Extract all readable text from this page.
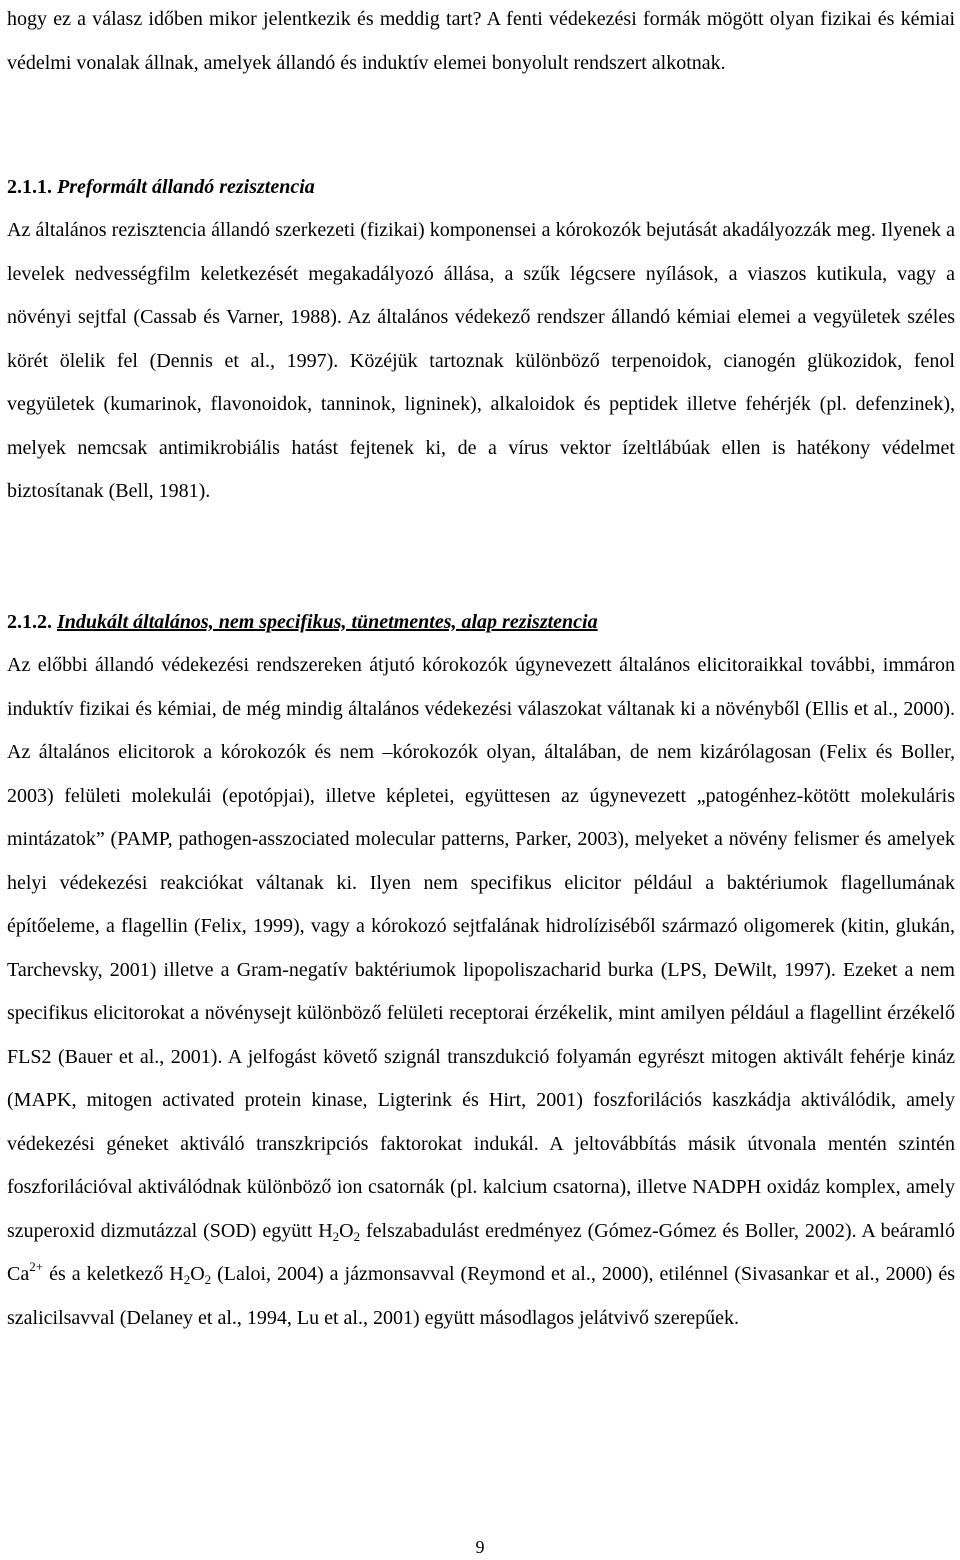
hogy ez a válasz időben mikor jelentkezik és meddig tart? A fenti védekezési formák mögött olyan fizikai és kémiai védelmi vonalak állnak, amelyek állandó és induktív elemei bonyolult rendszert alkotnak.

2.1.1. Preformált állandó rezisztencia

Az általános rezisztencia állandó szerkezeti (fizikai) komponensei a kórokozók bejutását akadályozzák meg. Ilyenek a levelek nedvességfilm keletkezését megakadályozó állása, a szűk légcsere nyílások, a viaszos kutikula, vagy a növényi sejtfal (Cassab és Varner, 1988). Az általános védekező rendszer állandó kémiai elemei a vegyületek széles körét ölelik fel (Dennis et al., 1997). Közéjük tartoznak különböző terpenoidok, cianogén glükozidok, fenol vegyületek (kumarinok, flavonoidok, tanninok, ligninek), alkaloidok és peptidek illetve fehérjék (pl. defenzinek), melyek nemcsak antimikrobiális hatást fejtenek ki, de a vírus vektor ízeltlábúak ellen is hatékony védelmet biztosítanak (Bell, 1981).

2.1.2. Indukált általános, nem specifikus, tünetmentes, alap rezisztencia

Az előbbi állandó védekezési rendszereken átjutó kórokozók úgynevezett általános elicitoraikkal további, immáron induktív fizikai és kémiai, de még mindig általános védekezési válaszokat váltanak ki a növényből (Ellis et al., 2000). Az általános elicitorok a kórokozók és nem –kórokozók olyan, általában, de nem kizárólagosan (Felix és Boller, 2003) felületi molekulái (epotópjai), illetve képletei, együttesen az úgynevezett „patogénhez-kötött molekuláris mintázatok” (PAMP, pathogen-asszociated molecular patterns, Parker, 2003), melyeket a növény felismer és amelyek helyi védekezési reakciókat váltanak ki. Ilyen nem specifikus elicitor például a baktériumok flagellumának építőeleme, a flagellin (Felix, 1999), vagy a kórokozó sejtfalának hidrolíziséből származó oligomerek (kitin, glukán, Tarchevsky, 2001) illetve a Gram-negatív baktériumok lipopoliszacharid burka (LPS, DeWilt, 1997). Ezeket a nem specifikus elicitorokat a növénysejt különböző felületi receptorai érzékelik, mint amilyen például a flagellint érzékelő FLS2 (Bauer et al., 2001). A jelfogást követő szignál transzdukció folyamán egyrészt mitogen aktivált fehérje kináz (MAPK, mitogen activated protein kinase, Ligterink és Hirt, 2001) foszforilációs kaszkádja aktiválódik, amely védekezési géneket aktiváló transzkripciós faktorokat indukál. A jeltovábbítás másik útvonala mentén szintén foszforilációval aktiválódnak különböző ion csatornák (pl. kalcium csatorna), illetve NADPH oxidáz komplex, amely szuperoxid dizmutázzal (SOD) együtt $H_2O_2$ felszabadulást eredményez (Gómez-Gómez és Boller, 2002). A beáramló $Ca^{2+}$ és a keletkező $H_2O_2$ (Laloi, 2004) a jázmonsavval (Reymond et al., 2000), etilénnel (Sivasankar et al., 2000) és szalicilsavval (Delaney et al., 1994, Lu et al., 2001) együtt másodlagos jelátvivő szerepűek.

9
